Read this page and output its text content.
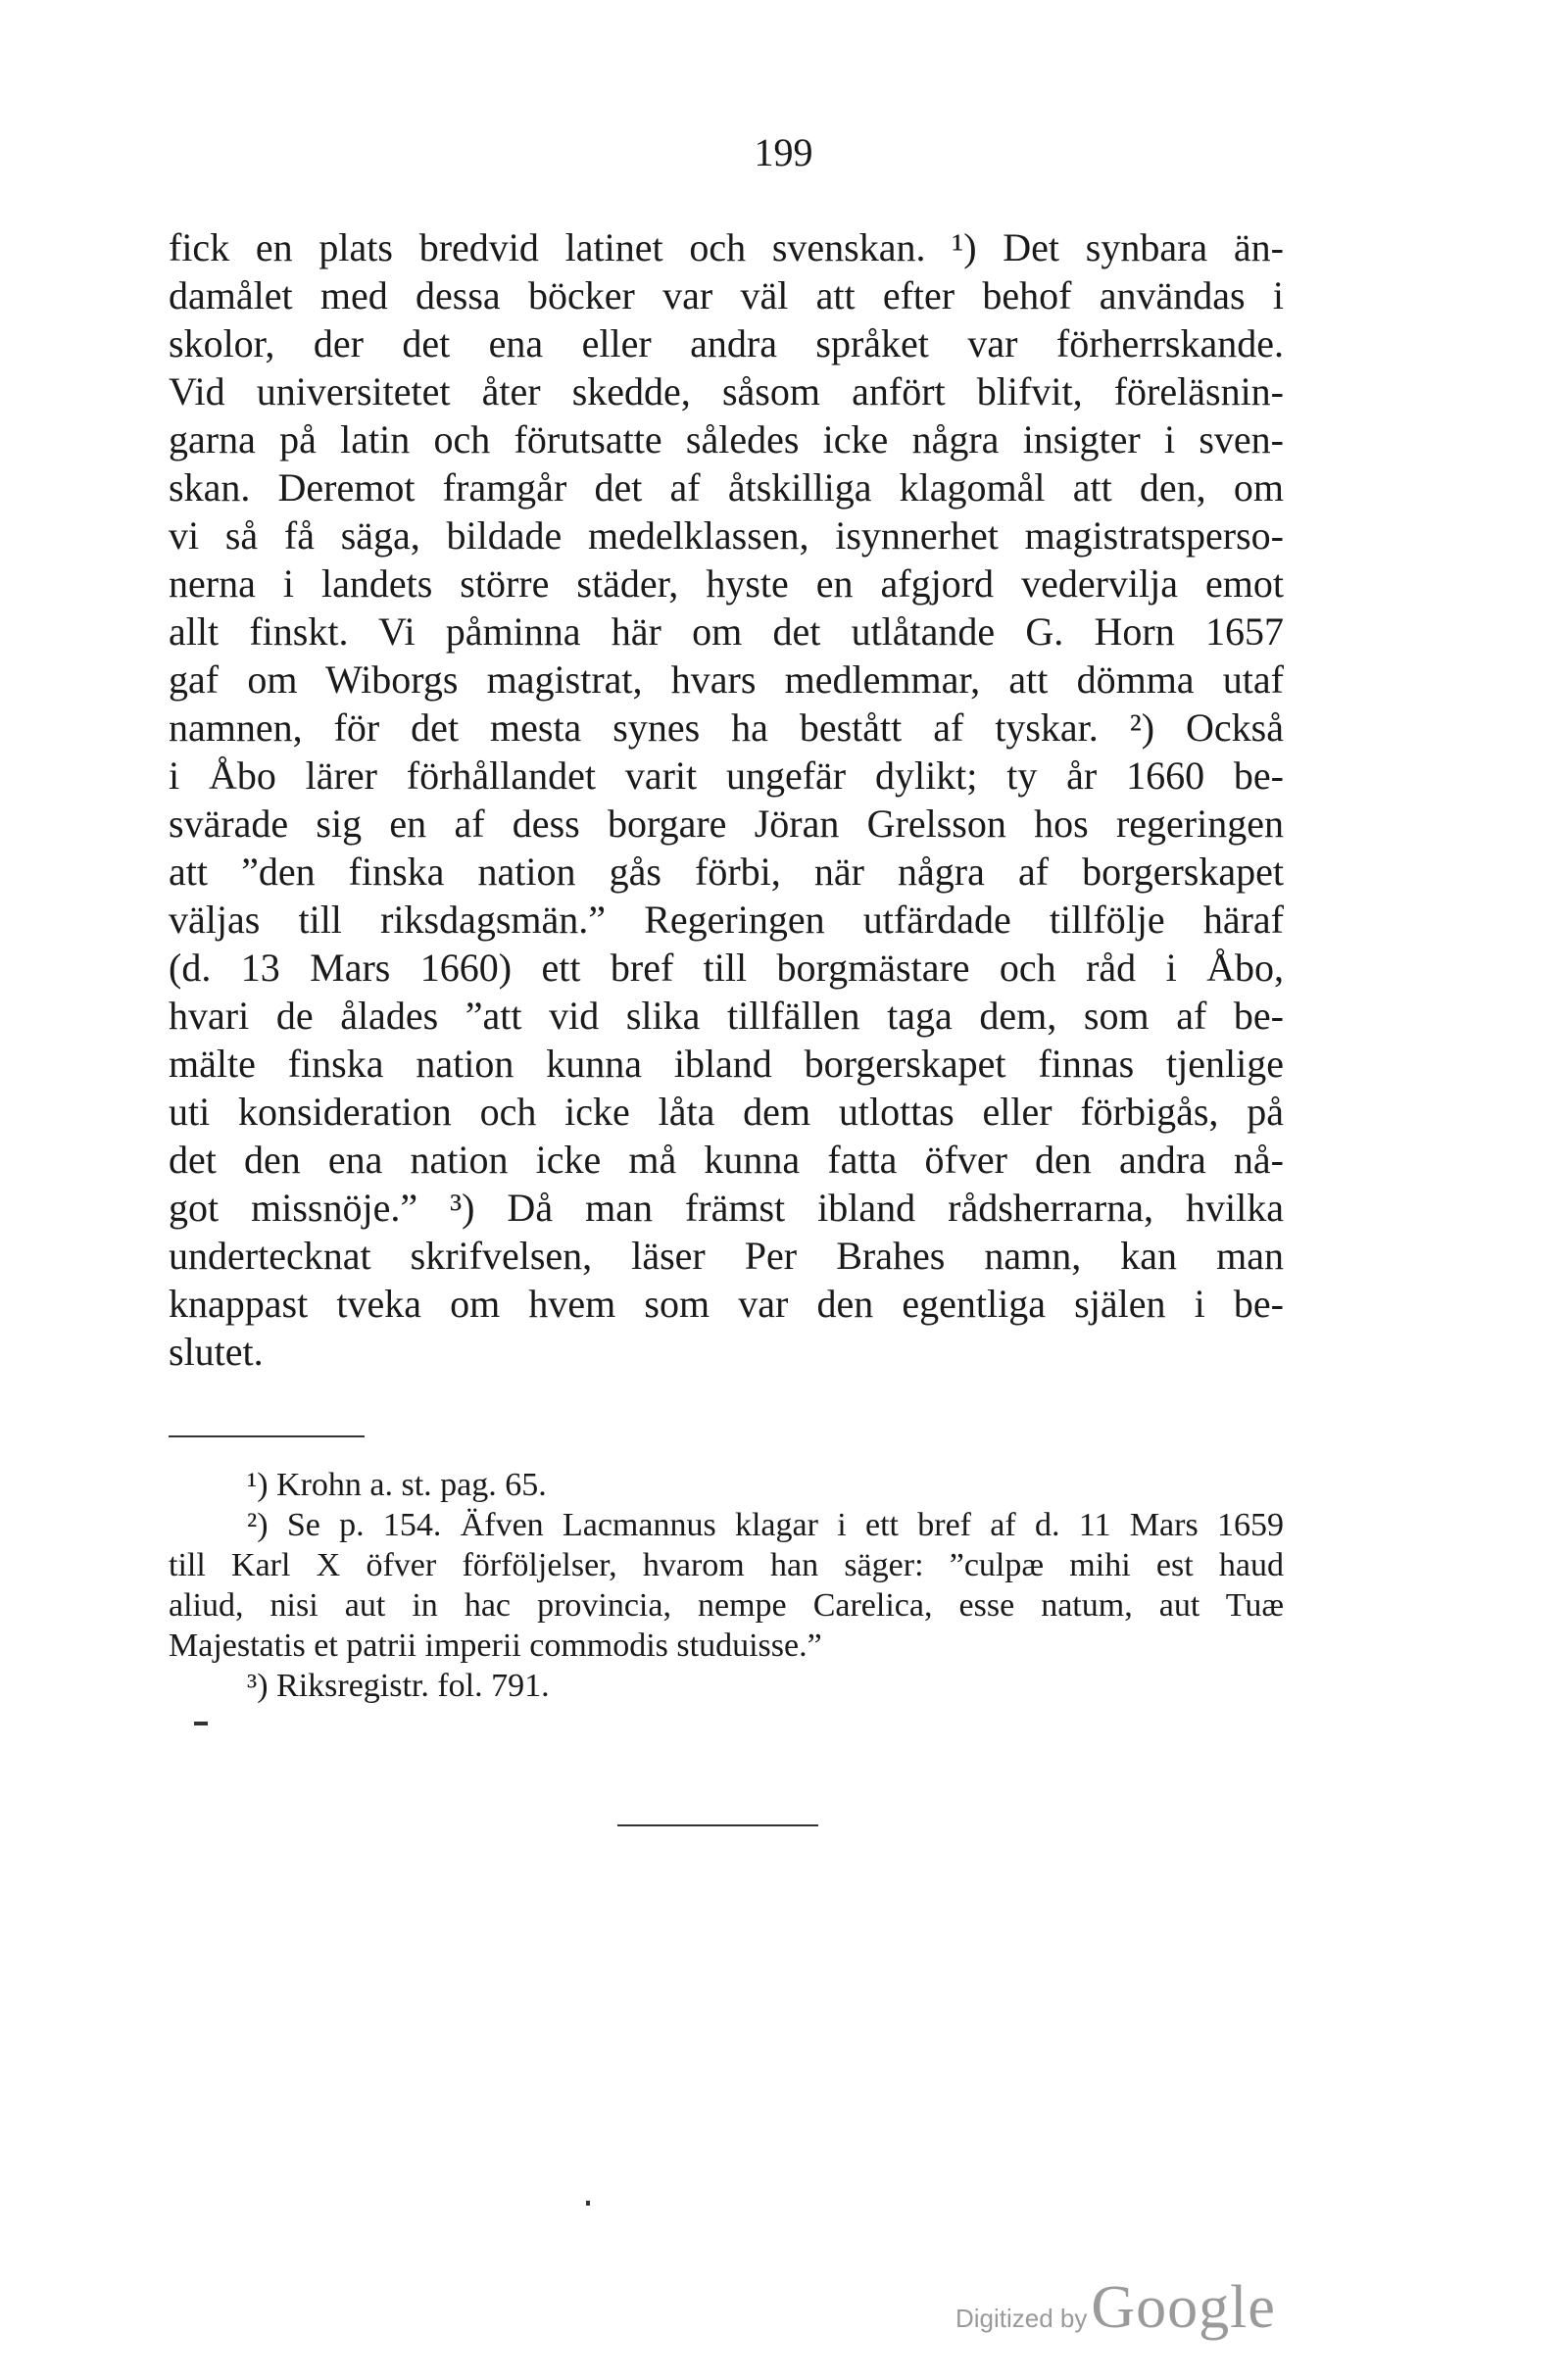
199
fick en plats bredvid latinet och svenskan. ¹) Det synbara än-
damålet med dessa böcker var väl att efter behof användas i
skolor, der det ena eller andra språket var förherrskande.
Vid universitetet åter skedde, såsom anfört blifvit, föreläsnin-
garna på latin och förutsatte således icke några insigter i sven-
skan. Deremot framgår det af åtskilliga klagomål att den, om
vi så få säga, bildade medelklassen, isynnerhet magistratsperso-
nerna i landets större städer, hyste en afgjord vedervilja emot
allt finskt. Vi påminna här om det utlåtande G. Horn 1657
gaf om Wiborgs magistrat, hvars medlemmar, att dömma utaf
namnen, för det mesta synes ha bestått af tyskar. ²) Också
i Åbo lärer förhållandet varit ungefär dylikt; ty år 1660 be-
svärade sig en af dess borgare Jöran Grelsson hos regeringen
att ”den finska nation gås förbi, när några af borgerskapet
väljas till riksdagsmän.” Regeringen utfärdade tillfölje häraf
(d. 13 Mars 1660) ett bref till borgmästare och råd i Åbo,
hvari de ålades ”att vid slika tillfällen taga dem, som af be-
mälte finska nation kunna ibland borgerskapet finnas tjenlige
uti konsideration och icke låta dem utlottas eller förbigås, på
det den ena nation icke må kunna fatta öfver den andra nå-
got missnöje.” ³) Då man främst ibland rådsherrarna, hvilka
undertecknat skrifvelsen, läser Per Brahes namn, kan man
knappast tveka om hvem som var den egentliga själen i be-
slutet.
¹) Krohn a. st. pag. 65.
²) Se p. 154. Äfven Lacmannus klagar i ett bref af d. 11 Mars 1659
till Karl X öfver förföljelser, hvarom han säger: ”culpæ mihi est haud
aliud, nisi aut in hac provincia, nempe Carelica, esse natum, aut Tuæ
Majestatis et patrii imperii commodis studuisse.”
³) Riksregistr. fol. 791.
Digitized by Google
